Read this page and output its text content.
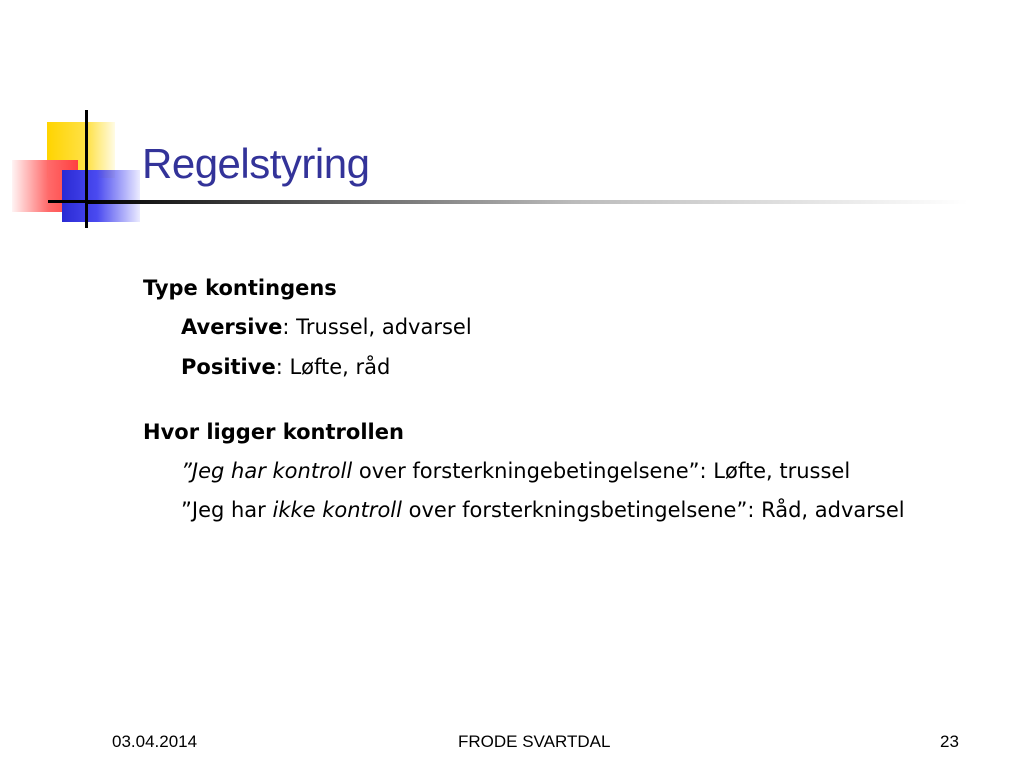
Regelstyring

Type kontingens

Aversive: Trussel, advarsel

Positive: Løfte, råd

Hvor ligger kontrollen

”Jeg har kontroll over forsterkningebetingelsene”: Løfte, trussel

”Jeg har ikke kontroll over forsterkningsbetingelsene”: Råd, advarsel

03.04.2014	FRODE SVARTDAL	23
